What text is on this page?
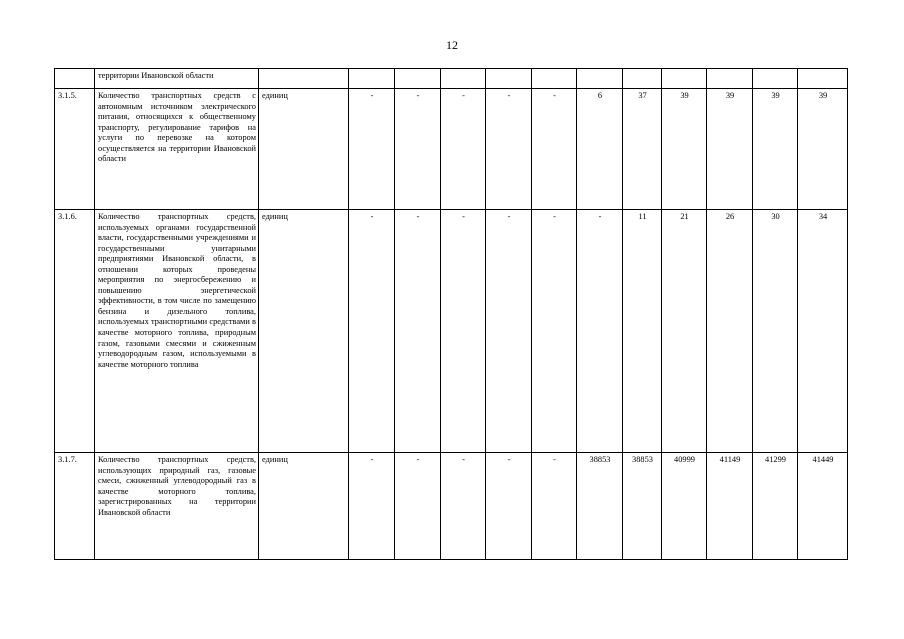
12
	территории Ивановской области												
3.1.5.	Количество транспортных средств с автономным источником электрического питания, относящихся к общественному транспорту, регулирование тарифов на услуги по перевозке на котором осуществляется на территории Ивановской области	единиц	-	-	-	-	-	6	37	39	39	39	39
3.1.6.	Количество транспортных средств, используемых органами государственной власти, государственными учреждениями и государственными унитарными предприятиями Ивановской области, в отношении которых проведены мероприятия по энергосбережению и повышению энергетической эффективности, в том числе по замещению бензина и дизельного топлива, используемых транспортными средствами в качестве моторного топлива, природным газом, газовыми смесями и сжиженным углеводородным газом, используемыми в качестве моторного топлива	единиц	-	-	-	-	-	-	11	21	26	30	34
3.1.7.	Количество транспортных средств, использующих природный газ, газовые смеси, сжиженный углеводородный газ в качестве моторного топлива, зарегистрированных на территории Ивановской области	единиц	-	-	-	-	-	38853	38853	40999	41149	41299	41449
